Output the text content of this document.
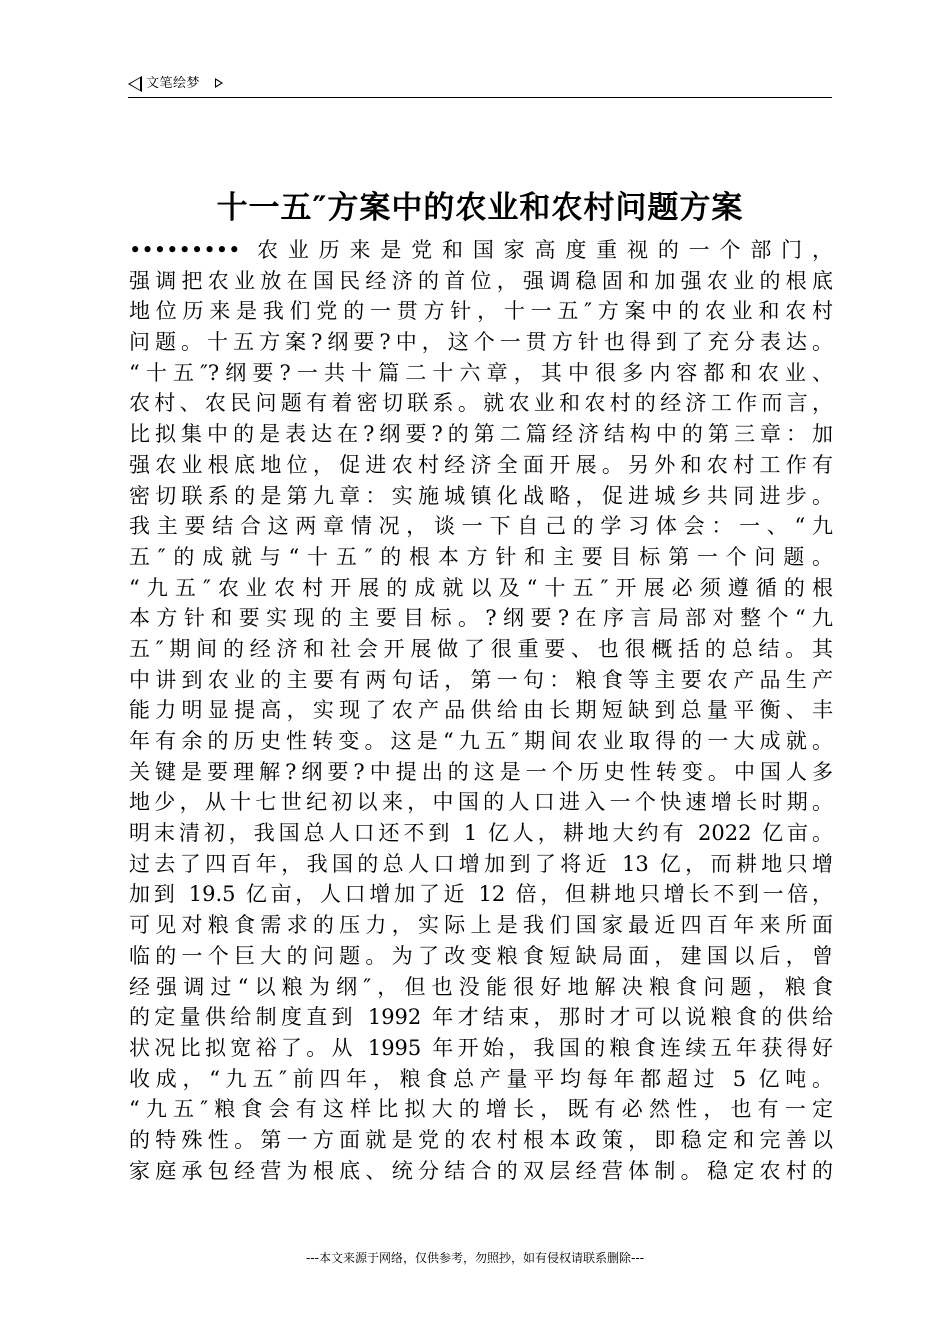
文笔绘梦
十一五″方案中的农业和农村问题方案
••••••••• 农业历来是党和国家高度重视的一个部门，
强调把农业放在国民经济的首位，强调稳固和加强农业的根底
地位历来是我们党的一贯方针，十一五″方案中的农业和农村
问题。十五方案?纲要?中，这个一贯方针也得到了充分表达。
“十五″?纲要?一共十篇二十六章，其中很多内容都和农业、
农村、农民问题有着密切联系。就农业和农村的经济工作而言，
比拟集中的是表达在?纲要?的第二篇经济结构中的第三章：加
强农业根底地位，促进农村经济全面开展。另外和农村工作有
密切联系的是第九章：实施城镇化战略，促进城乡共同进步。
我主要结合这两章情况，谈一下自己的学习体会：一、“九
五″的成就与“十五″的根本方针和主要目标第一个问题。
“九五″农业农村开展的成就以及“十五″开展必须遵循的根
本方针和要实现的主要目标。?纲要?在序言局部对整个“九
五″期间的经济和社会开展做了很重要、也很概括的总结。其
中讲到农业的主要有两句话，第一句：粮食等主要农产品生产
能力明显提高，实现了农产品供给由长期短缺到总量平衡、丰
年有余的历史性转变。这是“九五″期间农业取得的一大成就。
关键是要理解?纲要?中提出的这是一个历史性转变。中国人多
地少，从十七世纪初以来，中国的人口进入一个快速增长时期。
明末清初，我国总人口还不到 1 亿人，耕地大约有 2022 亿亩。
过去了四百年，我国的总人口增加到了将近 13 亿，而耕地只增
加到 19.5 亿亩，人口增加了近 12 倍，但耕地只增长不到一倍，
可见对粮食需求的压力，实际上是我们国家最近四百年来所面
临的一个巨大的问题。为了改变粮食短缺局面，建国以后，曾
经强调过“以粮为纲″，但也没能很好地解决粮食问题，粮食
的定量供给制度直到 1992 年才结束，那时才可以说粮食的供给
状况比拟宽裕了。从 1995 年开始，我国的粮食连续五年获得好
收成，“九五″前四年，粮食总产量平均每年都超过 5 亿吨。
“九五″粮食会有这样比拟大的增长，既有必然性，也有一定
的特殊性。第一方面就是党的农村根本政策，即稳定和完善以
家庭承包经营为根底、统分结合的双层经营体制。稳定农村的
---本文来源于网络，仅供参考，勿照抄，如有侵权请联系删除---
